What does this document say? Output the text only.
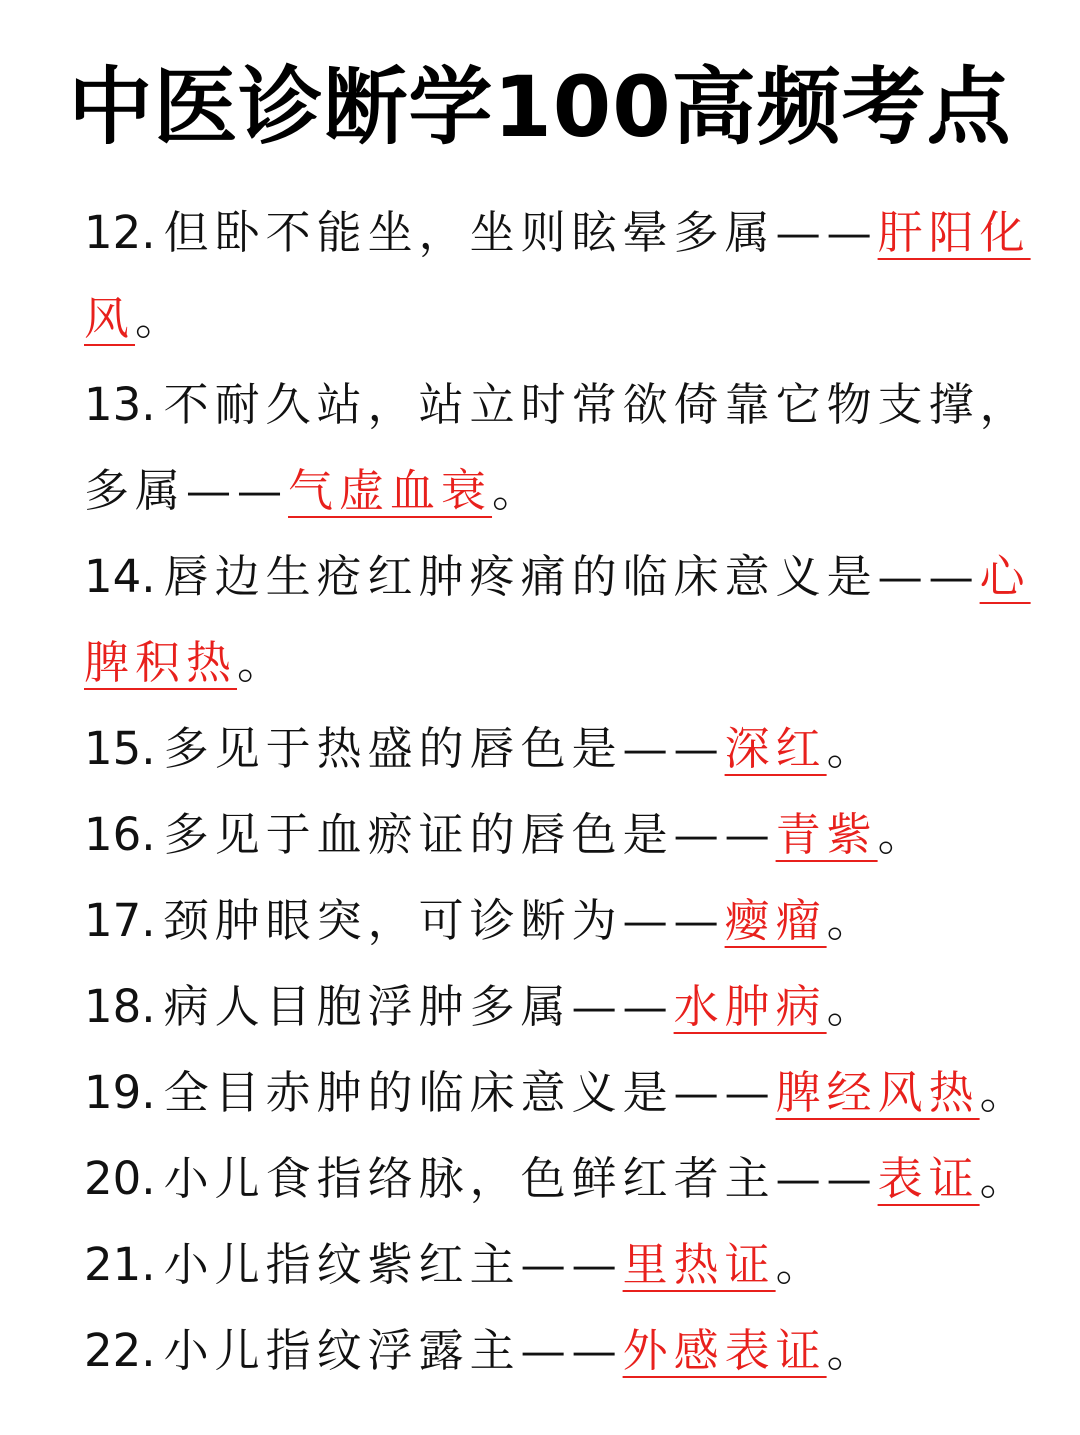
中医诊断学100高频考点
12. 但卧不能坐，坐则眩晕多属——肝阳化
风。
13. 不耐久站，站立时常欲倚靠它物支撑，
多属——气虚血衰。
14. 唇边生疮红肿疼痛的临床意义是——心
脾积热。
15. 多见于热盛的唇色是——深红。
16. 多见于血瘀证的唇色是——青紫。
17. 颈肿眼突，可诊断为——瘿瘤。
18. 病人目胞浮肿多属——水肿病。
19. 全目赤肿的临床意义是——脾经风热。
20. 小儿食指络脉，色鲜红者主——表证。
21. 小儿指纹紫红主——里热证。
22. 小儿指纹浮露主——外感表证。
